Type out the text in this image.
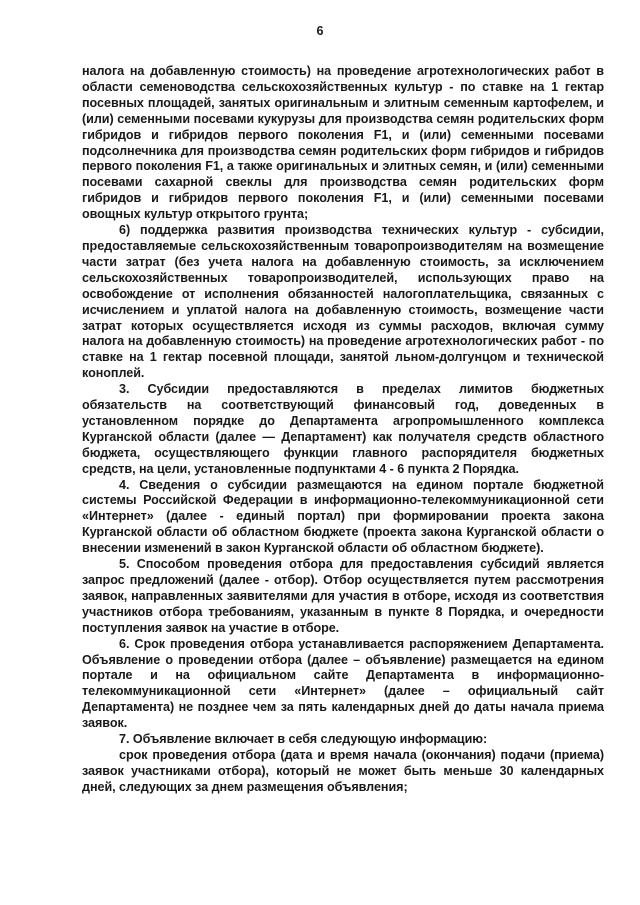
6

налога на добавленную стоимость) на проведение агротехнологических работ в области семеноводства сельскохозяйственных культур - по ставке на 1 гектар посевных площадей, занятых оригинальным и элитным семенным картофелем, и (или) семенными посевами кукурузы для производства семян родительских форм гибридов и гибридов первого поколения F1, и (или) семенными посевами подсолнечника для производства семян родительских форм гибридов и гибридов первого поколения F1, а также оригинальных и элитных семян, и (или) семенными посевами сахарной свеклы для производства семян родительских форм гибридов и гибридов первого поколения F1, и (или) семенными посевами овощных культур открытого грунта;

6) поддержка развития производства технических культур - субсидии, предоставляемые сельскохозяйственным товаропроизводителям на возмещение части затрат (без учета налога на добавленную стоимость, за исключением сельскохозяйственных товаропроизводителей, использующих право на освобождение от исполнения обязанностей налогоплательщика, связанных с исчислением и уплатой налога на добавленную стоимость, возмещение части затрат которых осуществляется исходя из суммы расходов, включая сумму налога на добавленную стоимость) на проведение агротехнологических работ - по ставке на 1 гектар посевной площади, занятой льном-долгунцом и технической коноплей.

3. Субсидии предоставляются в пределах лимитов бюджетных обязательств на соответствующий финансовый год, доведенных в установленном порядке до Департамента агропромышленного комплекса Курганской области (далее — Департамент) как получателя средств областного бюджета, осуществляющего функции главного распорядителя бюджетных средств, на цели, установленные подпунктами 4 - 6 пункта 2 Порядка.

4. Сведения о субсидии размещаются на едином портале бюджетной системы Российской Федерации в информационно-телекоммуникационной сети «Интернет» (далее - единый портал) при формировании проекта закона Курганской области об областном бюджете (проекта закона Курганской области о внесении изменений в закон Курганской области об областном бюджете).

5. Способом проведения отбора для предоставления субсидий является запрос предложений (далее - отбор). Отбор осуществляется путем рассмотрения заявок, направленных заявителями для участия в отборе, исходя из соответствия участников отбора требованиям, указанным в пункте 8 Порядка, и очередности поступления заявок на участие в отборе.

6. Срок проведения отбора устанавливается распоряжением Департамента. Объявление о проведении отбора (далее – объявление) размещается на едином портале и на официальном сайте Департамента в информационно-телекоммуникационной сети «Интернет» (далее – официальный сайт Департамента) не позднее чем за пять календарных дней до даты начала приема заявок.

7. Объявление включает в себя следующую информацию:

срок проведения отбора (дата и время начала (окончания) подачи (приема) заявок участниками отбора), который не может быть меньше 30 календарных дней, следующих за днем размещения объявления;
